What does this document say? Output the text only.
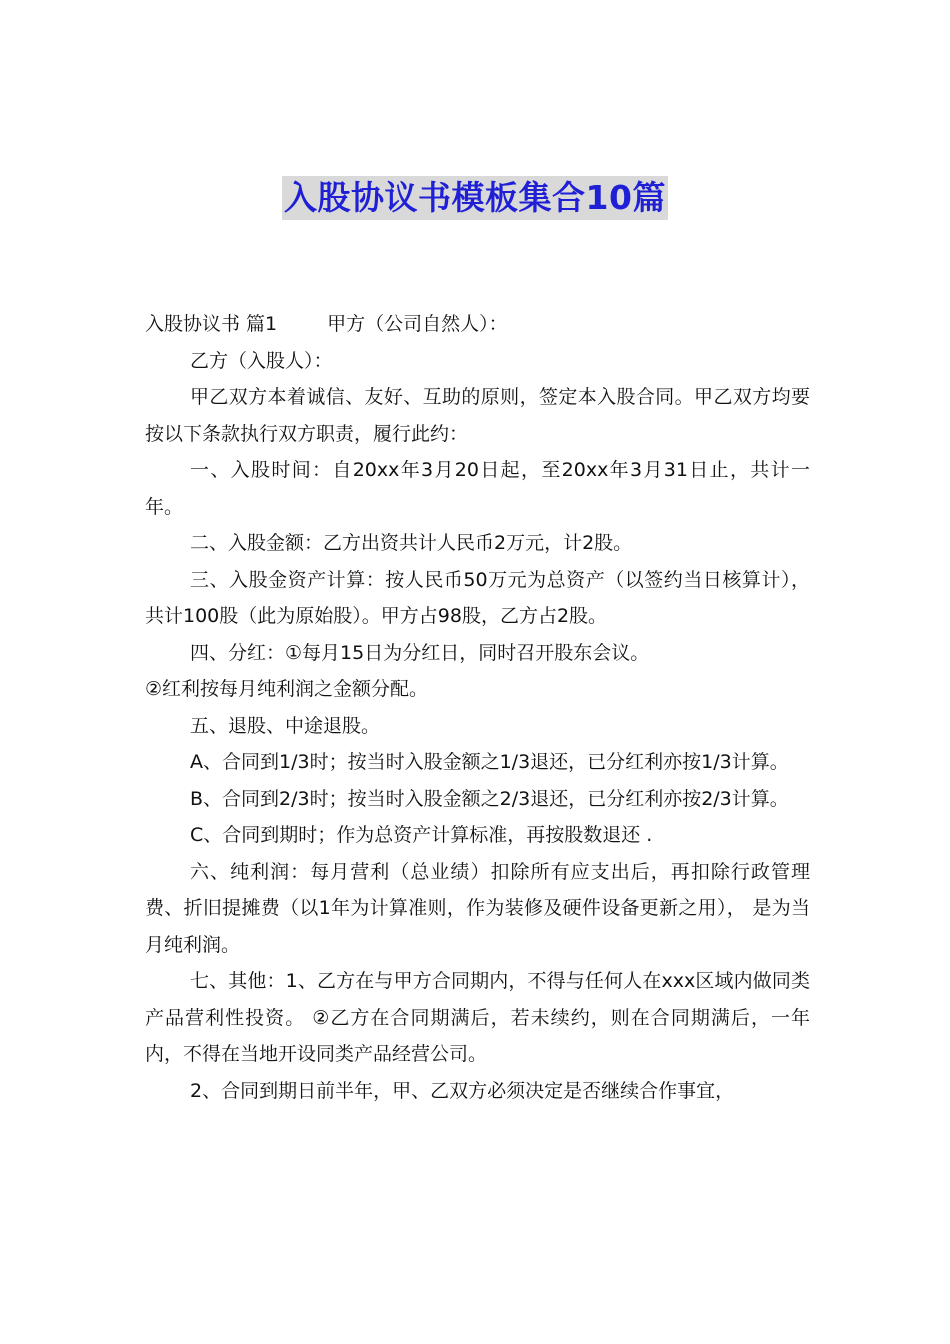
入股协议书模板集合10篇

入股协议书 篇1	甲方（公司自然人）：

乙方（入股人）：

甲乙双方本着诚信、友好、互助的原则，签定本入股合同。甲乙双方均要按以下条款执行双方职责，履行此约：

一、入股时间：自20xx年3月20日起，至20xx年3月31日止，共计一年。

二、入股金额：乙方出资共计人民币2万元，计2股。

三、入股金资产计算：按人民币50万元为总资产（以签约当日核算计），共计100股（此为原始股）。甲方占98股，乙方占2股。

四、分红：①每月15日为分红日，同时召开股东会议。

②红利按每月纯利润之金额分配。

五、退股、中途退股。

A、合同到1/3时；按当时入股金额之1/3退还，已分红利亦按1/3计算。

B、合同到2/3时；按当时入股金额之2/3退还，已分红利亦按2/3计算。

C、合同到期时；作为总资产计算标准，再按股数退还 .

六、纯利润：每月营利（总业绩）扣除所有应支出后，再扣除行政管理费、折旧提摊费（以1年为计算准则，作为装修及硬件设备更新之用）， 是为当月纯利润。

七、其他：1、乙方在与甲方合同期内，不得与任何人在xxx区域内做同类产品营利性投资。 ②乙方在合同期满后，若未续约，则在合同期满后，一年内，不得在当地开设同类产品经营公司。

2、合同到期日前半年，甲、乙双方必须决定是否继续合作事宜，
